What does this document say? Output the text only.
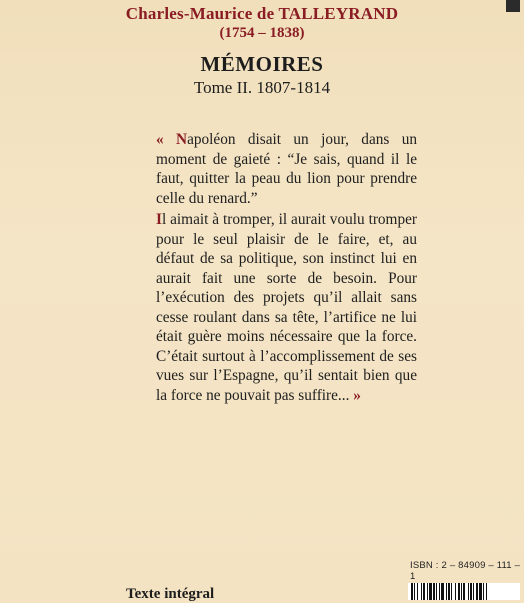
Charles-Maurice de TALLEYRAND
(1754 – 1838)
MÉMOIRES
Tome II. 1807-1814

« Napoléon disait un jour, dans un moment de gaieté : “Je sais, quand il le faut, quitter la peau du lion pour prendre celle du renard.”

Il aimait à tromper, il aurait voulu tromper pour le seul plaisir de le faire, et, au défaut de sa politique, son instinct lui en aurait fait une sorte de besoin. Pour l’exécution des projets qu’il allait sans cesse roulant dans sa tête, l’artifice ne lui était guère moins nécessaire que la force. C’était surtout à l’accomplissement de ses vues sur l’Espagne, qu’il sentait bien que la force ne pouvait pas suffire... »

ISBN : 2 – 84909 – 111 – 1
Texte intégral
